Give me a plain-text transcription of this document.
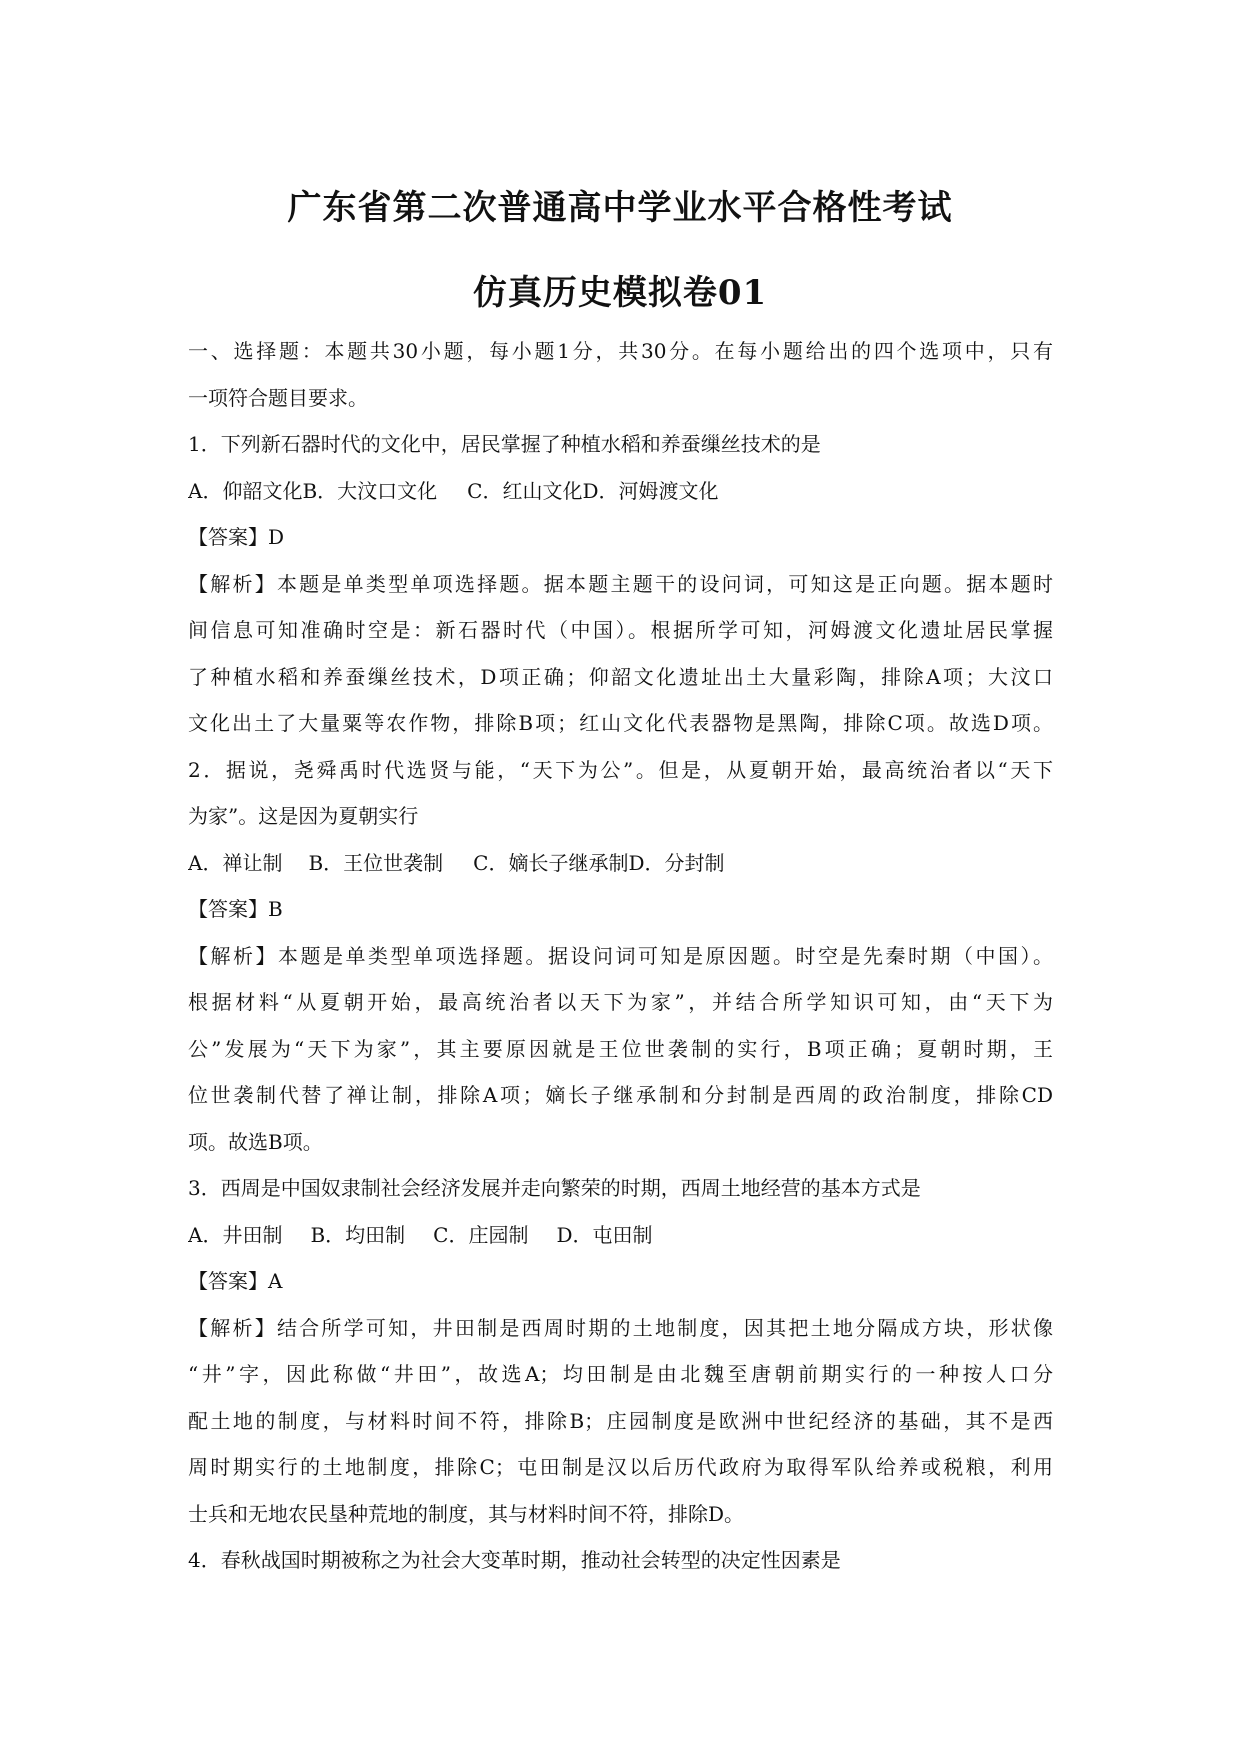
广东省第二次普通高中学业水平合格性考试
仿真历史模拟卷01
一、选择题：本题共30小题，每小题1分，共30分。在每小题给出的四个选项中，只有
一项符合题目要求。
1．下列新石器时代的文化中，居民掌握了种植水稻和养蚕缫丝技术的是
A．仰韶文化B．大汶口文化 C．红山文化D．河姆渡文化
【答案】D
【解析】本题是单类型单项选择题。据本题主题干的设问词，可知这是正向题。据本题时
间信息可知准确时空是：新石器时代（中国）。根据所学可知，河姆渡文化遗址居民掌握
了种植水稻和养蚕缫丝技术，D项正确；仰韶文化遗址出土大量彩陶，排除A项；大汶口
文化出土了大量粟等农作物，排除B项；红山文化代表器物是黑陶，排除C项。故选D项。
2．据说，尧舜禹时代选贤与能，“天下为公”。但是，从夏朝开始，最高统治者以“天下
为家”。这是因为夏朝实行
A．禅让制 B．王位世袭制 C．嫡长子继承制D．分封制
【答案】B
【解析】本题是单类型单项选择题。据设问词可知是原因题。时空是先秦时期（中国）。
根据材料“从夏朝开始，最高统治者以天下为家”，并结合所学知识可知，由“天下为
公”发展为“天下为家”，其主要原因就是王位世袭制的实行，B项正确；夏朝时期，王
位世袭制代替了禅让制，排除A项；嫡长子继承制和分封制是西周的政治制度，排除CD
项。故选B项。
3．西周是中国奴隶制社会经济发展并走向繁荣的时期，西周土地经营的基本方式是
A．井田制 B．均田制 C．庄园制 D．屯田制
【答案】A
【解析】结合所学可知，井田制是西周时期的土地制度，因其把土地分隔成方块，形状像
“井”字，因此称做“井田”，故选A；均田制是由北魏至唐朝前期实行的一种按人口分
配土地的制度，与材料时间不符，排除B；庄园制度是欧洲中世纪经济的基础，其不是西
周时期实行的土地制度，排除C；屯田制是汉以后历代政府为取得军队给养或税粮，利用
士兵和无地农民垦种荒地的制度，其与材料时间不符，排除D。
4．春秋战国时期被称之为社会大变革时期，推动社会转型的决定性因素是
